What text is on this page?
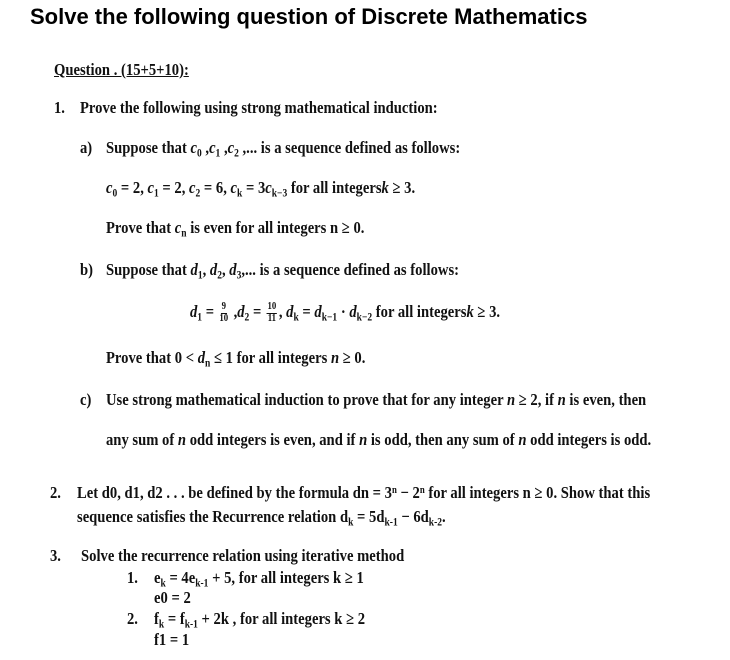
Solve the following question of Discrete Mathematics
Question . (15+5+10):
1. Prove the following using strong mathematical induction:
a) Suppose that $c_0$ $,c_1$ $,c_2$ ,... is a sequence defined as follows:
$c_0 = 2$, $c_1 = 2$, $c_2 = 6$, $c_k = 3c_{k-3}$ for all integersk ≥ 3.
Prove that $c_n$ is even for all integers n ≥ 0.
b) Suppose that $d_1$, $d_2$, $d_3$,... is a sequence defined as follows:
$d_1 = \frac{9}{10} ,d_2 = \frac{10}{11}$ , $d_k = d_{k-1} \cdot d_{k-2}$ for all integersk ≥ 3.
Prove that $0 < d_n \le 1$ for all integers n ≥ 0.
c) Use strong mathematical induction to prove that for any integer n ≥ 2, if n is even, then
any sum of n odd integers is even, and if n is odd, then any sum of n odd integers is odd.
2. Let d0, d1, d2 . . . be defined by the formula dn = $3^n - 2^n$ for all integers n ≥ 0. Show that this
sequence satisfies the Recurrence relation $d_k = 5d_{k-1} - 6d_{k-2}$.
3. Solve the recurrence relation using iterative method
1. $e_k = 4e_{k-1} + 5$, for all integers k ≥ 1
e0 = 2
2. $f_k = f_{k-1} + 2k$ , for all integers k ≥ 2
f1 = 1
